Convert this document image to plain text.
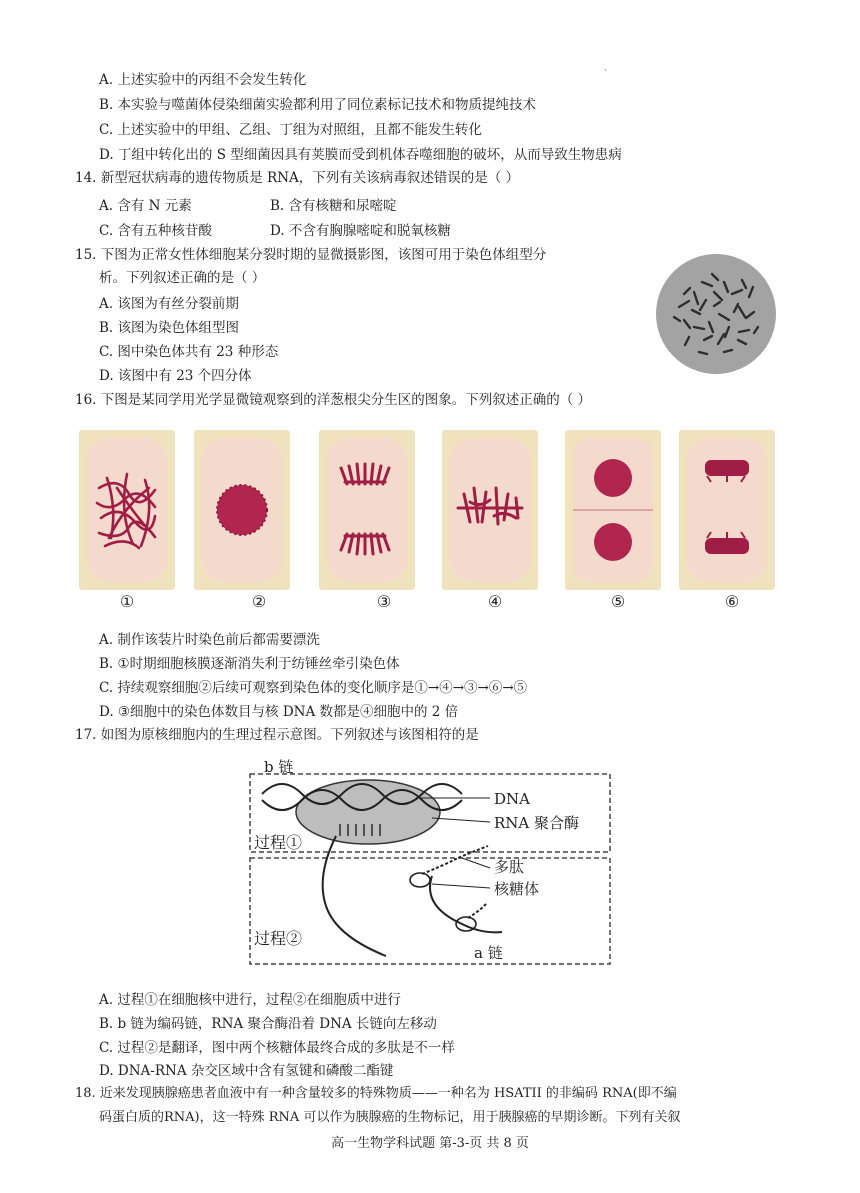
A. 上述实验中的丙组不会发生转化
·
B. 本实验与噬菌体侵染细菌实验都利用了同位素标记技术和物质提纯技术
C. 上述实验中的甲组、乙组、丁组为对照组，且都不能发生转化
D. 丁组中转化出的 S 型细菌因具有荚膜而受到机体吞噬细胞的破坏，从而导致生物患病
14. 新型冠状病毒的遗传物质是 RNA，下列有关该病毒叙述错误的是（ ）
A. 含有 N 元素	B. 含有核糖和尿嘧啶
C. 含有五种核苷酸	D. 不含有胸腺嘧啶和脱氧核糖
15. 下图为正常女性体细胞某分裂时期的显微摄影图，该图可用于染色体组型分
析。下列叙述正确的是（ ）
A. 该图为有丝分裂前期
B. 该图为染色体组型图
C. 图中染色体共有 23 种形态
D. 该图中有 23 个四分体
16. 下图是某同学用光学显微镜观察到的洋葱根尖分生区的图象。下列叙述正确的（ ）
①	②	③	④	⑤	⑥
A. 制作该装片时染色前后都需要漂洗
B. ①时期细胞核膜逐渐消失利于纺锤丝牵引染色体
C. 持续观察细胞②后续可观察到染色体的变化顺序是①→④→③→⑥→⑤
D. ③细胞中的染色体数目与核 DNA 数都是④细胞中的 2 倍
17. 如图为原核细胞内的生理过程示意图。下列叙述与该图相符的是
b 链
DNA
RNA 聚合酶
过程①
多肽
核糖体
过程②
a 链
A. 过程①在细胞核中进行，过程②在细胞质中进行
B. b 链为编码链，RNA 聚合酶沿着 DNA 长链向左移动
C. 过程②是翻译，图中两个核糖体最终合成的多肽是不一样
D. DNA-RNA 杂交区域中含有氢键和磷酸二酯键
18. 近来发现胰腺癌患者血液中有一种含量较多的特殊物质——一种名为 HSATII 的非编码 RNA(即不编
码蛋白质的RNA)，这一特殊 RNA 可以作为胰腺癌的生物标记，用于胰腺癌的早期诊断。下列有关叙
高一生物学科试题 第-3-页 共 8 页
